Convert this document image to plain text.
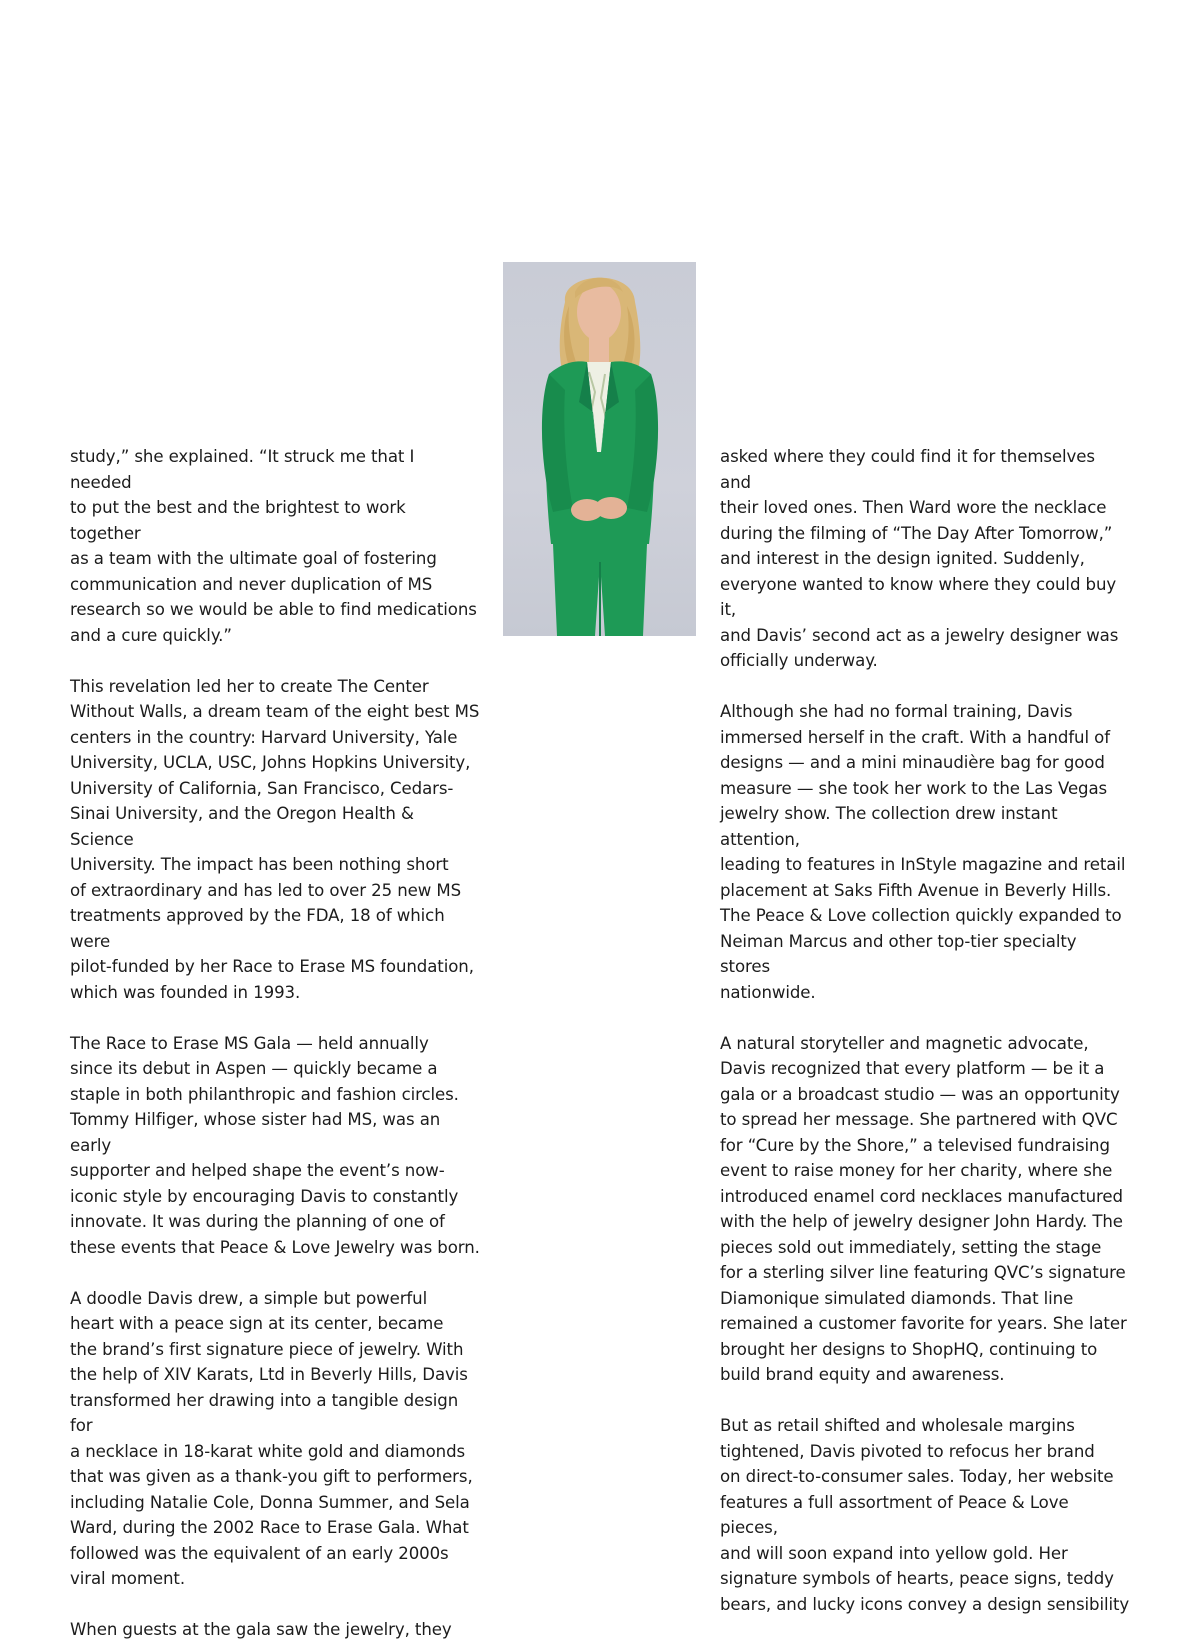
study,” she explained. “It struck me that I needed
to put the best and the brightest to work together
as a team with the ultimate goal of fostering
communication and never duplication of MS
research so we would be able to find medications
and a cure quickly.”

This revelation led her to create The Center
Without Walls, a dream team of the eight best MS
centers in the country: Harvard University, Yale
University, UCLA, USC, Johns Hopkins University,
University of California, San Francisco, Cedars-
Sinai University, and the Oregon Health & Science
University. The impact has been nothing short
of extraordinary and has led to over 25 new MS
treatments approved by the FDA, 18 of which were
pilot-funded by her Race to Erase MS foundation,
which was founded in 1993.

The Race to Erase MS Gala — held annually
since its debut in Aspen — quickly became a
staple in both philanthropic and fashion circles.
Tommy Hilfiger, whose sister had MS, was an early
supporter and helped shape the event’s now-
iconic style by encouraging Davis to constantly
innovate. It was during the planning of one of
these events that Peace & Love Jewelry was born.

A doodle Davis drew, a simple but powerful
heart with a peace sign at its center, became
the brand’s first signature piece of jewelry. With
the help of XIV Karats, Ltd in Beverly Hills, Davis
transformed her drawing into a tangible design for
a necklace in 18-karat white gold and diamonds
that was given as a thank-you gift to performers,
including Natalie Cole, Donna Summer, and Sela
Ward, during the 2002 Race to Erase Gala. What
followed was the equivalent of an early 2000s
viral moment.

When guests at the gala saw the jewelry, they

asked where they could find it for themselves and
their loved ones. Then Ward wore the necklace
during the filming of “The Day After Tomorrow,”
and interest in the design ignited. Suddenly,
everyone wanted to know where they could buy it,
and Davis’ second act as a jewelry designer was
officially underway.

Although she had no formal training, Davis
immersed herself in the craft. With a handful of
designs — and a mini minaudière bag for good
measure — she took her work to the Las Vegas
jewelry show. The collection drew instant attention,
leading to features in InStyle magazine and retail
placement at Saks Fifth Avenue in Beverly Hills.
The Peace & Love collection quickly expanded to
Neiman Marcus and other top-tier specialty stores
nationwide.

A natural storyteller and magnetic advocate,
Davis recognized that every platform — be it a
gala or a broadcast studio — was an opportunity
to spread her message. She partnered with QVC
for “Cure by the Shore,” a televised fundraising
event to raise money for her charity, where she
introduced enamel cord necklaces manufactured
with the help of jewelry designer John Hardy. The
pieces sold out immediately, setting the stage
for a sterling silver line featuring QVC’s signature
Diamonique simulated diamonds. That line
remained a customer favorite for years. She later
brought her designs to ShopHQ, continuing to
build brand equity and awareness.

But as retail shifted and wholesale margins
tightened, Davis pivoted to refocus her brand
on direct-to-consumer sales. Today, her website
features a full assortment of Peace & Love pieces,
and will soon expand into yellow gold. Her
signature symbols of hearts, peace signs, teddy
bears, and lucky icons convey a design sensibility
